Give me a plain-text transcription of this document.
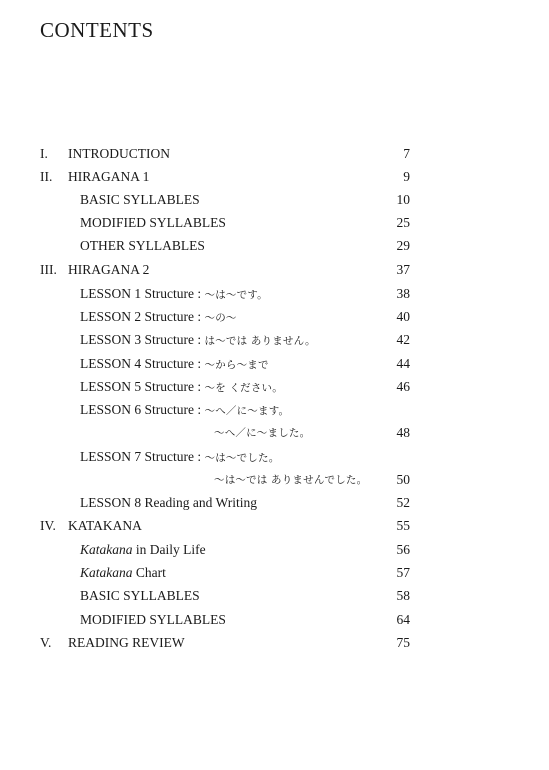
CONTENTS
I. INTRODUCTION	7
II. HIRAGANA 1	9
BASIC SYLLABLES	10
MODIFIED SYLLABLES	25
OTHER SYLLABLES	29
III. HIRAGANA 2	37
LESSON 1 Structure : ～は～です。	38
LESSON 2 Structure : ～の～	40
LESSON 3 Structure : は～では ありません。	42
LESSON 4 Structure : ～から～まで	44
LESSON 5 Structure : ～を ください。	46
LESSON 6 Structure : ～へ／に～ます。
～へ／に～ました。	48
LESSON 7 Structure : ～は～でした。
～は～では ありませんでした。 50
LESSON 8 Reading and Writing	52
IV. KATAKANA	55
Katakana in Daily Life	56
Katakana Chart	57
BASIC SYLLABLES	58
MODIFIED SYLLABLES	64
V. READING REVIEW	75
